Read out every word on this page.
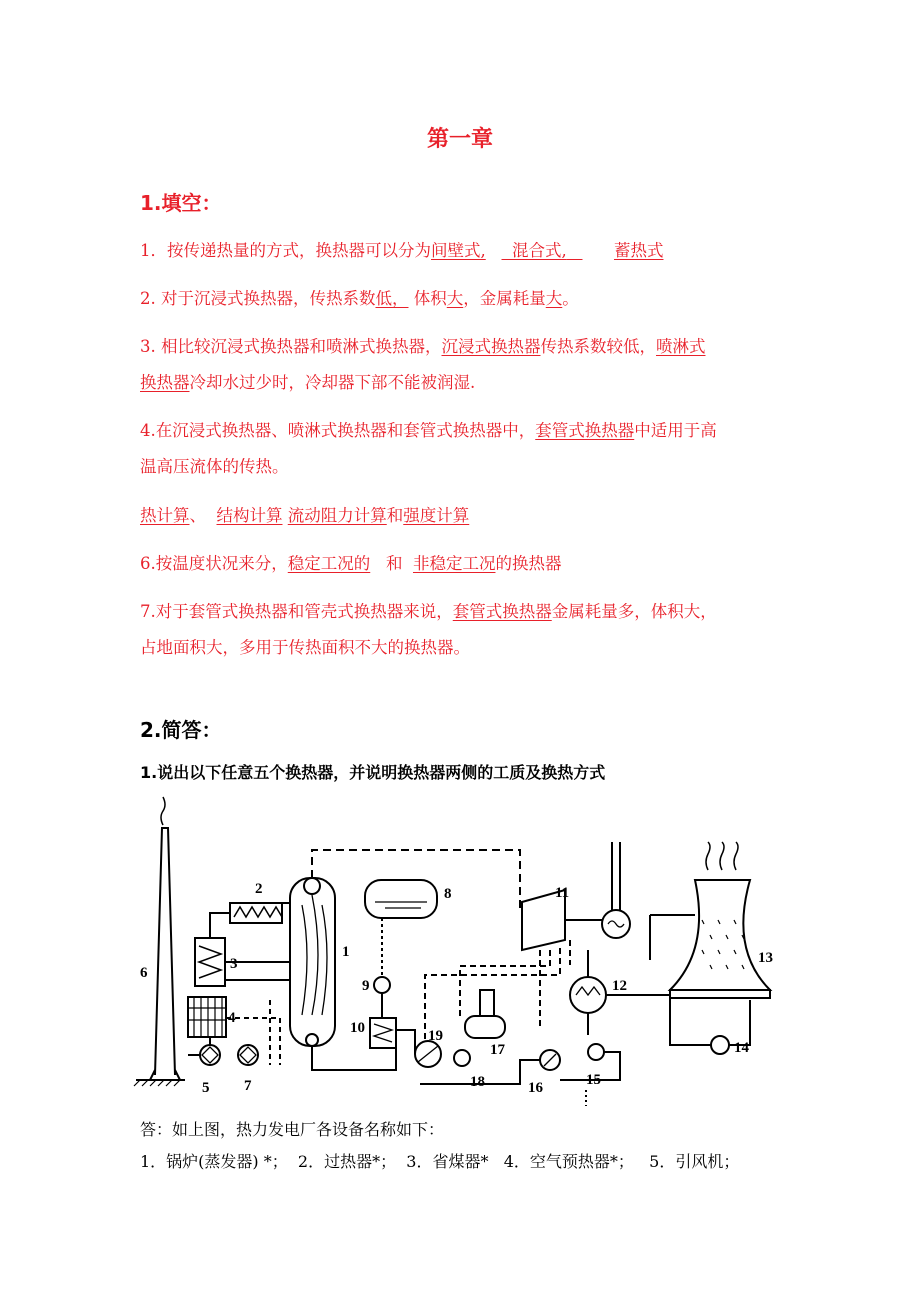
第一章
1.填空：
1．按传递热量的方式，换热器可以分为间壁式, 混合式,	蓄热式
2. 对于沉浸式换热器，传热系数低， 体积大，金属耗量大。
3. 相比较沉浸式换热器和喷淋式换热器，沉浸式换热器传热系数较低，喷淋式
换热器冷却水过少时，冷却器下部不能被润湿.
4.在沉浸式换热器、喷淋式换热器和套管式换热器中，套管式换热器中适用于高
温高压流体的传热。
热计算、  结构计算 流动阻力计算和强度计算
6.按温度状况来分，稳定工况的   和  非稳定工况的换热器
7.对于套管式换热器和管壳式换热器来说，套管式换热器金属耗量多，体积大，
占地面积大，多用于传热面积不大的换热器。
2.简答：
1.说出以下任意五个换热器，并说明换热器两侧的工质及换热方式
1
2
3
4
5
6
7
8
9
10
11
12
13
14
15
16
17
18
19
答：如上图，热力发电厂各设备名称如下：
1．锅炉(蒸发器) *；  2．过热器*；  3．省煤器*   4．空气预热器*；   5．引风机；
